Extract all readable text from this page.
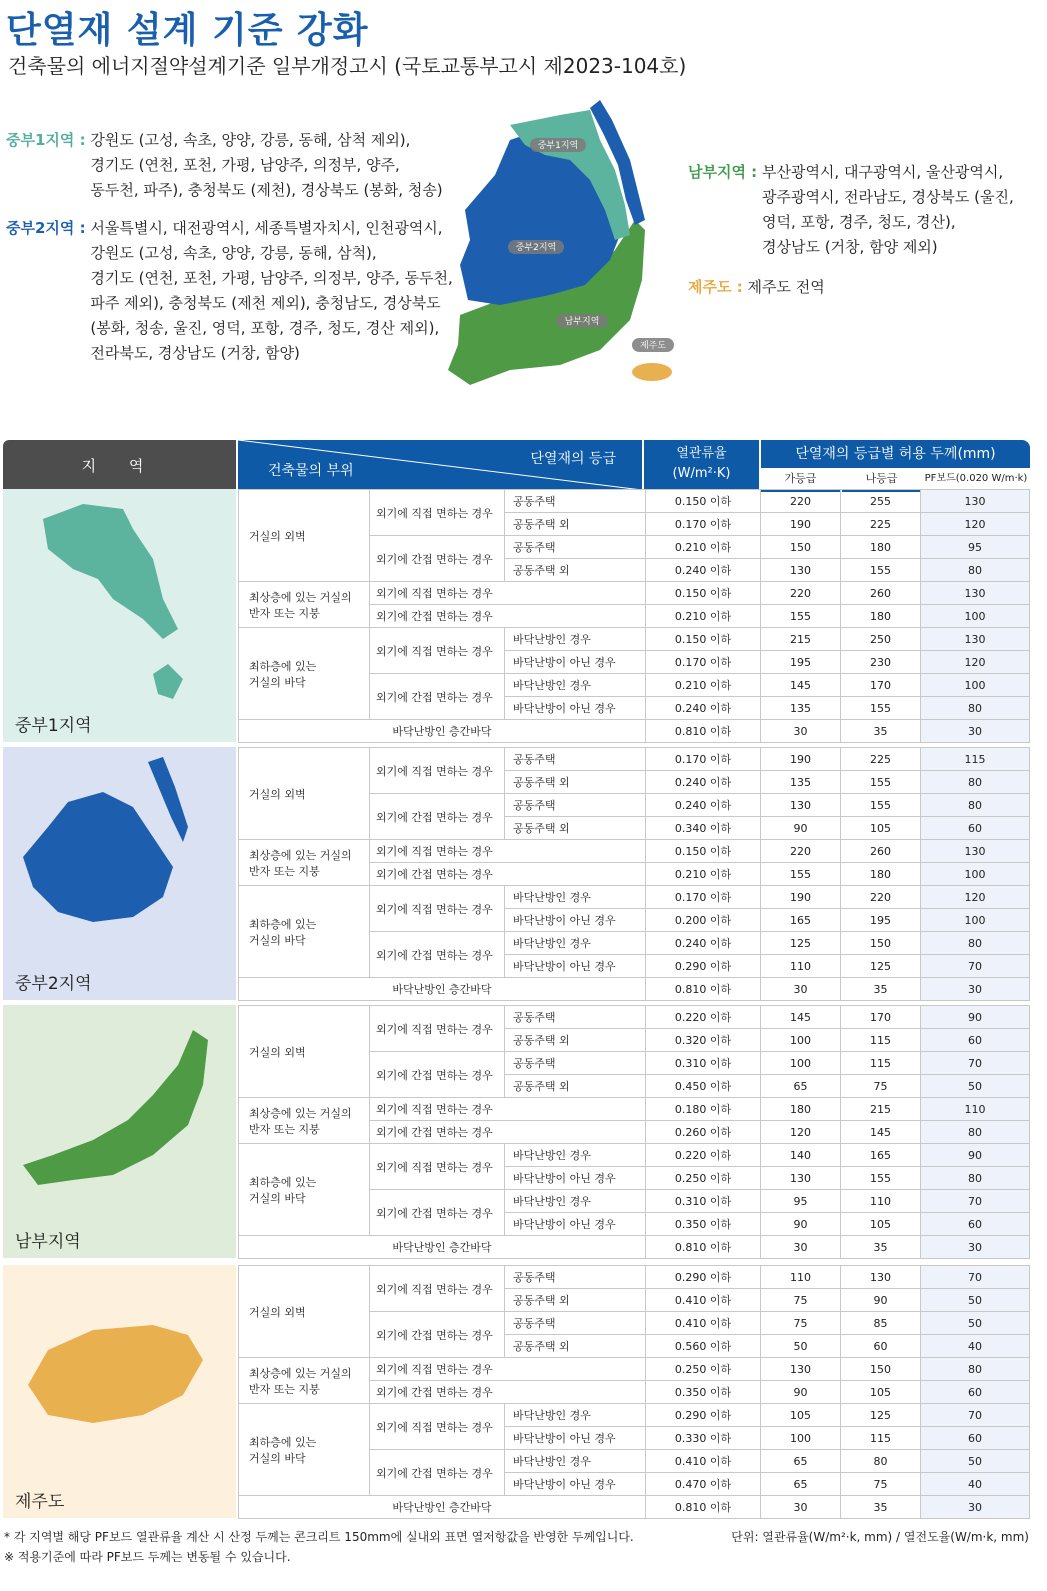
단열재 설계 기준 강화
건축물의 에너지절약설계기준 일부개정고시 (국토교통부고시 제2023-104호)
중부1지역 :
강원도 (고성, 속초, 양양, 강릉, 동해, 삼척 제외),
경기도 (연천, 포천, 가평, 남양주, 의정부, 양주,
동두천, 파주), 충청북도 (제천), 경상북도 (봉화, 청송)
중부2지역 :
서울특별시, 대전광역시, 세종특별자치시, 인천광역시,
강원도 (고성, 속초, 양양, 강릉, 동해, 삼척),
경기도 (연천, 포천, 가평, 남양주, 의정부, 양주, 동두천,
파주 제외), 충청북도 (제천 제외), 충청남도, 경상북도
(봉화, 청송, 울진, 영덕, 포항, 경주, 청도, 경산 제외),
전라북도, 경상남도 (거창, 함양)
남부지역 :
부산광역시, 대구광역시, 울산광역시,
광주광역시, 전라남도, 경상북도 (울진,
영덕, 포항, 경주, 청도, 경산),
경상남도 (거창, 함양 제외)
제주도 :
제주도 전역
중부1지역
중부2지역
남부지역
제주도
지 역	건축물의 부위
단열재의 등급	열관류율
(W/m²·K)
단열재의 등급별 허용 두께(mm)
가등급	나등급	PF보드(0.020 W/m·k)
중부1지역
거실의 외벽	외기에 직접 면하는 경우	공동주택	0.150 이하	220	255	130
		공동주택 외	0.170 이하	190	225	120
	외기에 간접 면하는 경우	공동주택	0.210 이하	150	180	95
		공동주택 외	0.240 이하	130	155	80
최상층에 있는 거실의
반자 또는 지붕	외기에 직접 면하는 경우		0.150 이하	220	260	130
	외기에 간접 면하는 경우		0.210 이하	155	180	100
최하층에 있는
거실의 바닥	외기에 직접 면하는 경우	바닥난방인 경우	0.150 이하	215	250	130
		바닥난방이 아닌 경우	0.170 이하	195	230	120
	외기에 간접 면하는 경우	바닥난방인 경우	0.210 이하	145	170	100
		바닥난방이 아닌 경우	0.240 이하	135	155	80
바닥난방인 층간바닥			0.810 이하	30	35	30
중부2지역
거실의 외벽	외기에 직접 면하는 경우	공동주택	0.170 이하	190	225	115
		공동주택 외	0.240 이하	135	155	80
	외기에 간접 면하는 경우	공동주택	0.240 이하	130	155	80
		공동주택 외	0.340 이하	90	105	60
최상층에 있는 거실의
반자 또는 지붕	외기에 직접 면하는 경우		0.150 이하	220	260	130
	외기에 간접 면하는 경우		0.210 이하	155	180	100
최하층에 있는
거실의 바닥	외기에 직접 면하는 경우	바닥난방인 경우	0.170 이하	190	220	120
		바닥난방이 아닌 경우	0.200 이하	165	195	100
	외기에 간접 면하는 경우	바닥난방인 경우	0.240 이하	125	150	80
		바닥난방이 아닌 경우	0.290 이하	110	125	70
바닥난방인 층간바닥			0.810 이하	30	35	30
남부지역
거실의 외벽	외기에 직접 면하는 경우	공동주택	0.220 이하	145	170	90
		공동주택 외	0.320 이하	100	115	60
	외기에 간접 면하는 경우	공동주택	0.310 이하	100	115	70
		공동주택 외	0.450 이하	65	75	50
최상층에 있는 거실의
반자 또는 지붕	외기에 직접 면하는 경우		0.180 이하	180	215	110
	외기에 간접 면하는 경우		0.260 이하	120	145	80
최하층에 있는
거실의 바닥	외기에 직접 면하는 경우	바닥난방인 경우	0.220 이하	140	165	90
		바닥난방이 아닌 경우	0.250 이하	130	155	80
	외기에 간접 면하는 경우	바닥난방인 경우	0.310 이하	95	110	70
		바닥난방이 아닌 경우	0.350 이하	90	105	60
바닥난방인 층간바닥			0.810 이하	30	35	30
제주도
거실의 외벽	외기에 직접 면하는 경우	공동주택	0.290 이하	110	130	70
		공동주택 외	0.410 이하	75	90	50
	외기에 간접 면하는 경우	공동주택	0.410 이하	75	85	50
		공동주택 외	0.560 이하	50	60	40
최상층에 있는 거실의
반자 또는 지붕	외기에 직접 면하는 경우		0.250 이하	130	150	80
	외기에 간접 면하는 경우		0.350 이하	90	105	60
최하층에 있는
거실의 바닥	외기에 직접 면하는 경우	바닥난방인 경우	0.290 이하	105	125	70
		바닥난방이 아닌 경우	0.330 이하	100	115	60
	외기에 간접 면하는 경우	바닥난방인 경우	0.410 이하	65	80	50
		바닥난방이 아닌 경우	0.470 이하	65	75	40
바닥난방인 층간바닥			0.810 이하	30	35	30
* 각 지역별 해당 PF보드 열관류율 계산 시 산정 두께는 콘크리트 150mm에 실내외 표면 열저항값을 반영한 두께입니다.	단위: 열관류율(W/m²·k, mm) / 열전도율(W/m·k, mm)
※ 적용기준에 따라 PF보드 두께는 변동될 수 있습니다.
